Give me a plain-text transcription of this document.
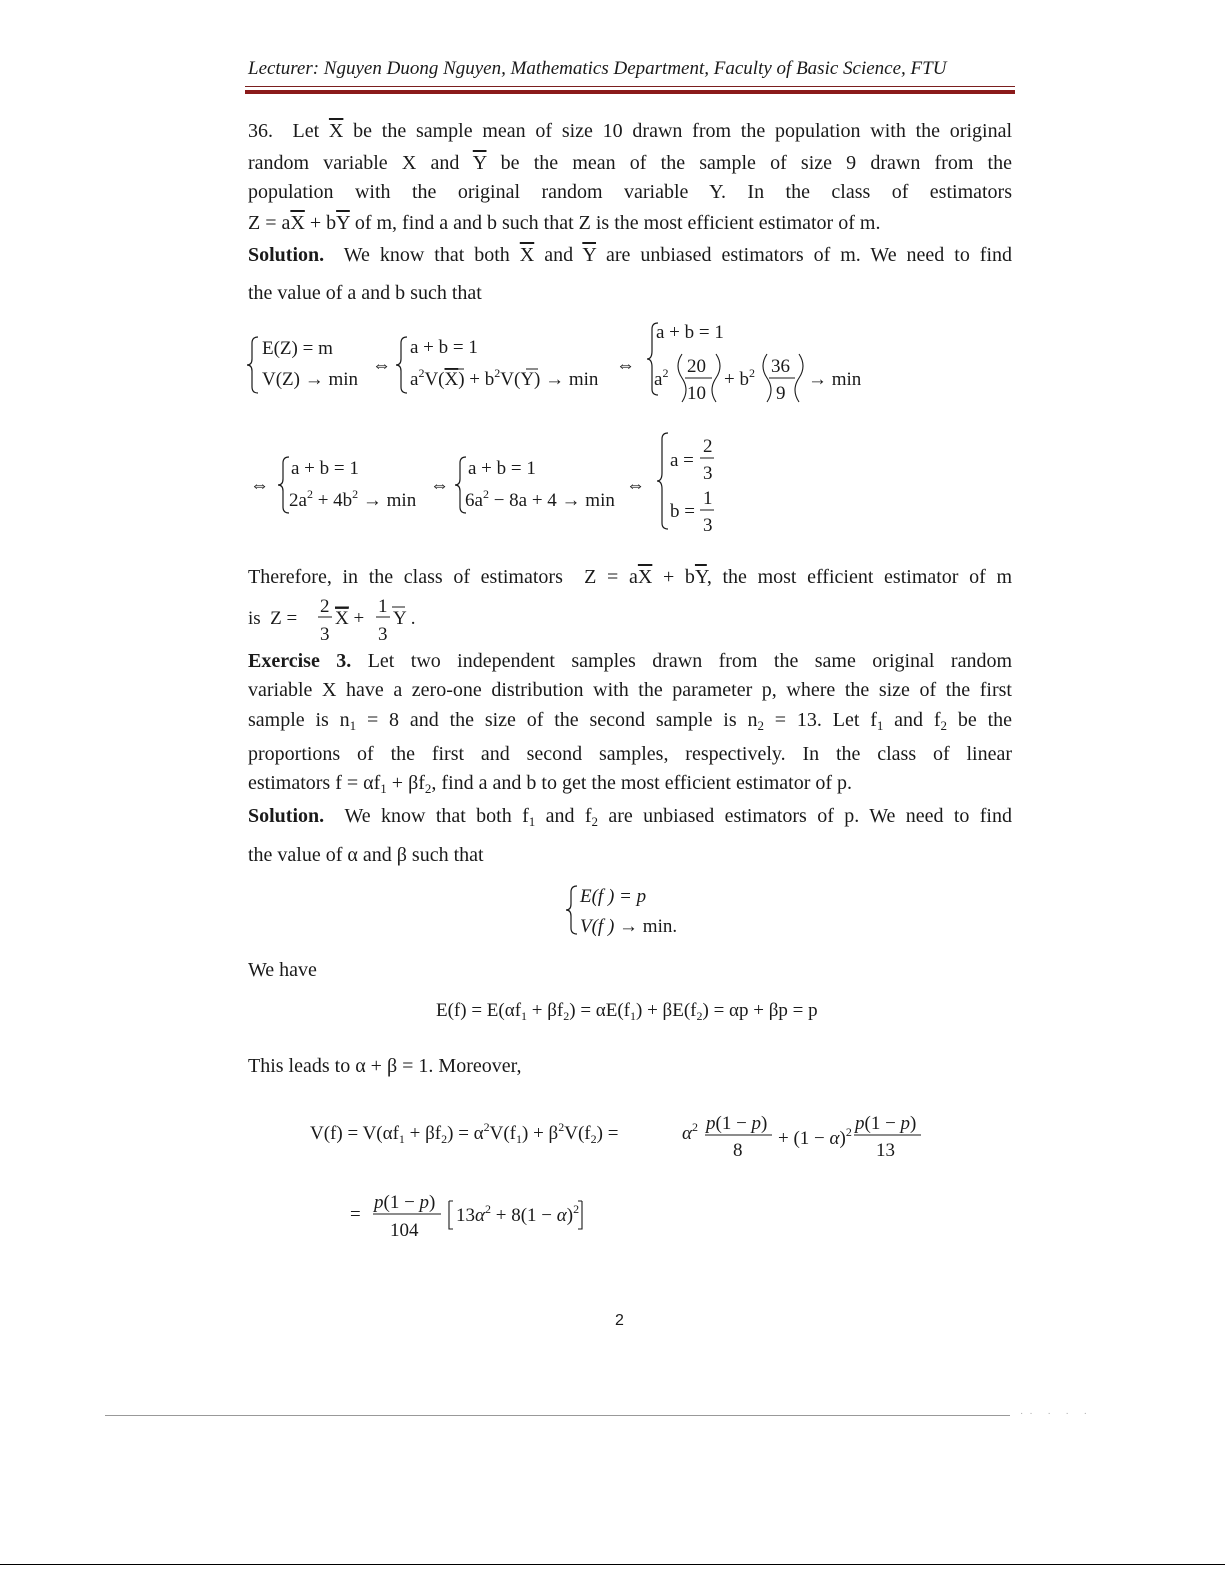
Lecturer: Nguyen Duong Nguyen, Mathematics Department, Faculty of Basic Science, FTU
36.  Let $\overline{X}$ be the sample mean of size 10 drawn from the population with the original
random variable X and $\overline{Y}$ be the mean of the sample of size 9 drawn from the
population with the original random variable Y. In the class of estimators
$Z = a\overline{X} + b\overline{Y}$ of m, find a and b such that Z is the most efficient estimator of m.
Solution.  We know that both $\overline{X}$ and $\overline{Y}$ are unbiased estimators of m. We need to find
the value of a and b such that
E(Z) = m
V(Z) → min
⇔
a + b = 1
$a^2V(X) + b^2V(Y) \to \min$
⇔
a + b = 1
$a^2$ 20
10
+ $b^2$ 36
9
→ min
⇔
a + b = 1
$2a^2 + 4b^2 \to \min$
⇔
a + b = 1
$6a^2 - 8a + 4 \to \min$
⇔
a =
2
3
b =
1
3
E(f ) = p
V(f ) → min.
$E(f) = E(\alpha f_1 + \beta f_2) = \alpha E(f_1) + \beta E(f_2) = \alpha p + \beta p = p$
$V(f) = V(\alpha f_1 + \beta f_2) = \alpha^2V(f_1) + \beta^2V(f_2)$ =	$\alpha^2$ p(1 − p)
8
+ $(1 - \alpha)^2$ p(1 − p)
13
=
p(1 − p)
104
$13\alpha^2 + 8(1 - \alpha)^2$
is  Z =
2
3
X +
1
3
Y .
Therefore, in the class of estimators  $Z = a\overline{X} + b\overline{Y}$, the most efficient estimator of m
Exercise 3. Let two independent samples drawn from the same original random
variable X have a zero-one distribution with the parameter p, where the size of the first
sample is $n_1 = 8$ and the size of the second sample is $n_2 = 13$. Let $f_1$ and $f_2$ be the
proportions of the first and second samples, respectively. In the class of linear
estimators $f = \alpha f_1 + \beta f_2$, find a and b to get the most efficient estimator of p.
Solution.  We know that both $f_1$ and $f_2$ are unbiased estimators of p. We need to find
the value of α and β such that
We have
This leads to α + β = 1. Moreover,
2
·· · · ·
